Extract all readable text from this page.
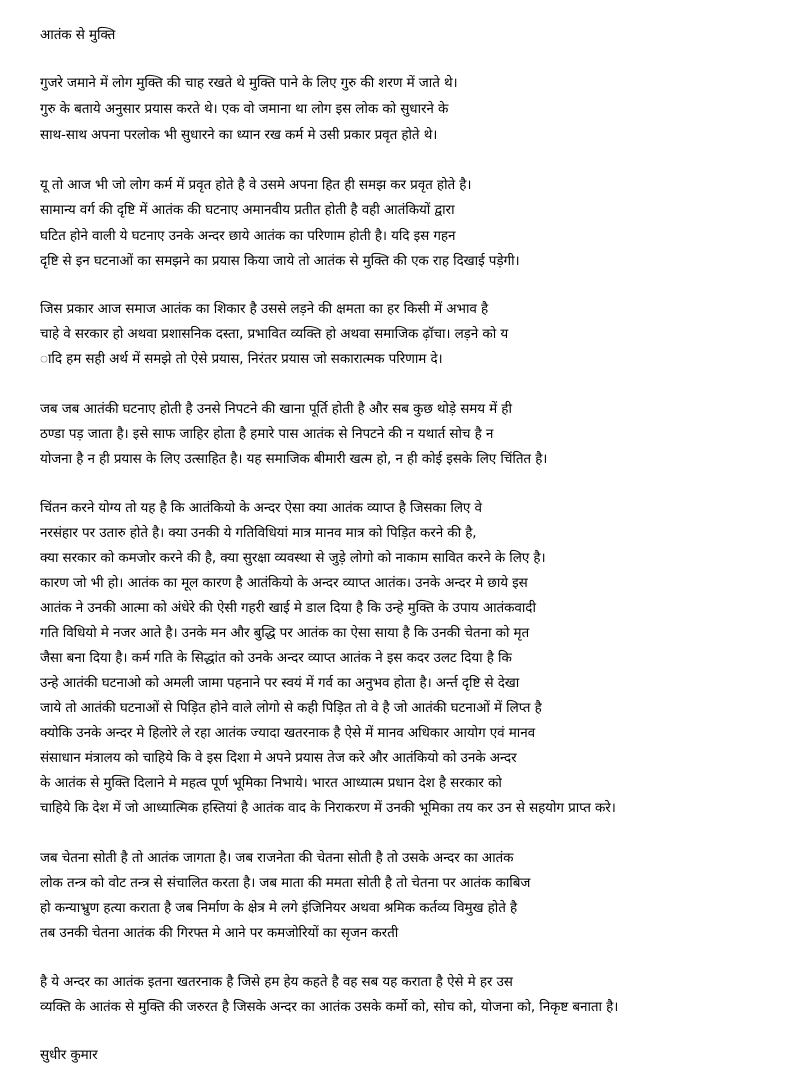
आतंक से मुक्ति
गुजरे जमाने में लोग मुक्ति की चाह रखते थे मुक्ति पाने के लिए गुरु की शरण में जाते थे।
गुरु के बताये अनुसार प्रयास करते थे। एक वो जमाना था लोग इस लोक को सुधारने के
साथ-साथ अपना परलोक भी सुधारने का ध्यान रख कर्म मे उसी प्रकार प्रवृत होते थे।
यू तो आज भी जो लोग कर्म में प्रवृत होते है वे उसमे अपना हित ही समझ कर प्रवृत होते है।
सामान्य वर्ग की दृष्टि में आतंक की घटनाए अमानवीय प्रतीत होती है वही आतंकियों द्वारा
घटित होने वाली ये घटनाए उनके अन्दर छाये आतंक का परिणाम होती है। यदि इस गहन
दृष्टि से इन घटनाओं का समझने का प्रयास किया जाये तो आतंक से मुक्ति की एक राह दिखाई पड़ेगी।
जिस प्रकार आज समाज आतंक का शिकार है उससे लड़ने की क्षमता का हर किसी में अभाव है
चाहे वे सरकार हो अथवा प्रशासनिक दस्ता, प्रभावित व्यक्ति हो अथवा समाजिक ढ़ॉचा। लड़ने को य
ादि हम सही अर्थ में समझे तो ऐसे प्रयास, निरंतर प्रयास जो सकारात्मक परिणाम दे।
जब जब आतंकी घटनाए होती है उनसे निपटने की खाना पूर्ति होती है और सब कुछ थोड़े समय में ही
ठण्डा पड़ जाता है। इसे साफ जाहिर होता है हमारे पास आतंक से निपटने की न यथार्त सोच है न
योजना है न ही प्रयास के लिए उत्साहित है। यह समाजिक बीमारी खत्म हो, न ही कोई इसके लिए चिंतित है।
चिंतन करने योग्य तो यह है कि आतंकियो के अन्दर ऐसा क्या आतंक व्याप्त है जिसका लिए वे
नरसंहार पर उतारु होते है। क्या उनकी ये गतिविधियां मात्र मानव मात्र को पिड़ित करने की है,
क्या सरकार को कमजोर करने की है, क्या सुरक्षा व्यवस्था से जुड़े लोगो को नाकाम सावित करने के लिए है।
कारण जो भी हो। आतंक का मूल कारण है आतंकियो के अन्दर व्याप्त आतंक। उनके अन्दर मे छाये इस
आतंक ने उनकी आत्मा को अंधेरे की ऐसी गहरी खाई मे डाल दिया है कि उन्हे मुक्ति के उपाय आतंकवादी
गति विधियो मे नजर आते है। उनके मन और बुद्धि पर आतंक का ऐसा साया है कि उनकी चेतना को मृत
जैसा बना दिया है। कर्म गति के सिद्धांत को उनके अन्दर व्याप्त आतंक ने इस कदर उलट दिया है कि
उन्हे आतंकी घटनाओ को अमली जामा पहनाने पर स्वयं में गर्व का अनुभव होता है। अर्न्त दृष्टि से देखा
जाये तो आतंकी घटनाओं से पिड़ित होने वाले लोगो से कही पिड़ित तो वे है जो आतंकी घटनाओं में लिप्त है
क्योकि उनके अन्दर मे हिलोरे ले रहा आतंक ज्यादा खतरनाक है ऐसे में मानव अधिकार आयोग एवं मानव
संसाधान मंत्रालय को चाहिये कि वे इस दिशा मे अपने प्रयास तेज करे और आतंकियो को उनके अन्दर
के आतंक से मुक्ति दिलाने मे महत्व पूर्ण भूमिका निभाये। भारत आध्यात्म प्रधान देश है सरकार को
चाहिये कि देश में जो आध्यात्मिक हस्तियां है आतंक वाद के निराकरण में उनकी भूमिका तय कर उन से सहयोग प्राप्त करे।
जब चेतना सोती है तो आतंक जागता है। जब राजनेता की चेतना सोती है तो उसके अन्दर का आतंक
लोक तन्त्र को वोट तन्त्र से संचालित करता है। जब माता की ममता सोती है तो चेतना पर आतंक काबिज
हो कन्याभ्रुण हत्या कराता है जब निर्माण के क्षेत्र मे लगे इंजिनियर अथवा श्रमिक कर्तव्य विमुख होते है
तब उनकी चेतना आतंक की गिरफ्त मे आने पर कमजोरियों का सृजन करती
है ये अन्दर का आतंक इतना खतरनाक है जिसे हम हेय कहते है वह सब यह कराता है ऐसे मे हर उस
व्यक्ति के आतंक से मुक्ति की जरुरत है जिसके अन्दर का आतंक उसके कर्मो को, सोच को, योजना को, निकृष्ट बनाता है।
सुधीर कुमार
